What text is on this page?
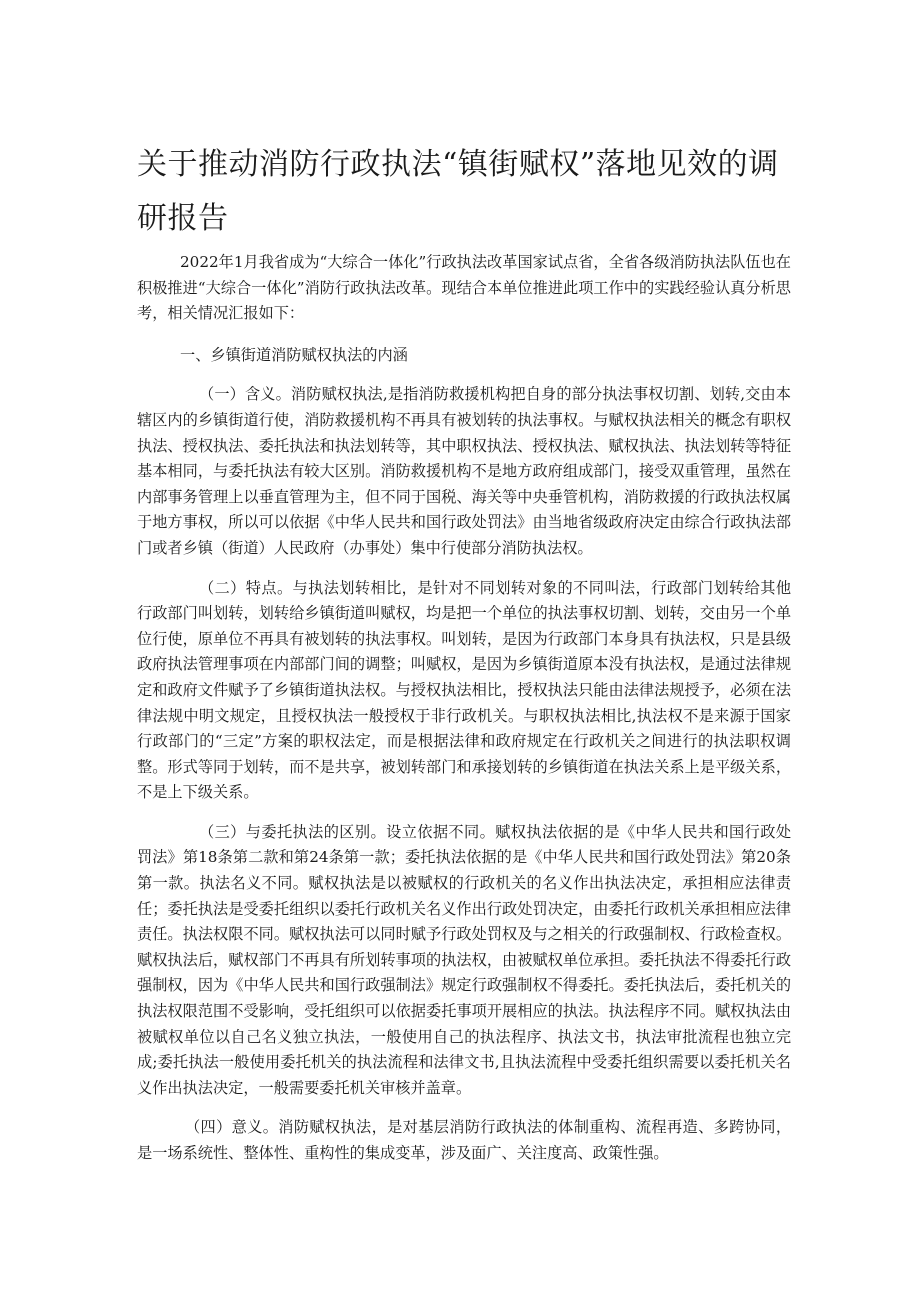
关于推动消防行政执法“镇街赋权”落地见效的调研报告

2022年1月我省成为“大综合一体化”行政执法改革国家试点省，全省各级消防执法队伍也在积极推进“大综合一体化”消防行政执法改革。现结合本单位推进此项工作中的实践经验认真分析思考，相关情况汇报如下：

一、乡镇街道消防赋权执法的内涵

（一）含义。消防赋权执法,是指消防救援机构把自身的部分执法事权切割、划转,交由本辖区内的乡镇街道行使，消防救援机构不再具有被划转的执法事权。与赋权执法相关的概念有职权执法、授权执法、委托执法和执法划转等，其中职权执法、授权执法、赋权执法、执法划转等特征基本相同，与委托执法有较大区别。消防救援机构不是地方政府组成部门，接受双重管理，虽然在内部事务管理上以垂直管理为主，但不同于国税、海关等中央垂管机构，消防救援的行政执法权属于地方事权，所以可以依据《中华人民共和国行政处罚法》由当地省级政府决定由综合行政执法部门或者乡镇（街道）人民政府（办事处）集中行使部分消防执法权。

（二）特点。与执法划转相比，是针对不同划转对象的不同叫法，行政部门划转给其他行政部门叫划转，划转给乡镇街道叫赋权，均是把一个单位的执法事权切割、划转，交由另一个单位行使，原单位不再具有被划转的执法事权。叫划转，是因为行政部门本身具有执法权，只是县级政府执法管理事项在内部部门间的调整；叫赋权，是因为乡镇街道原本没有执法权，是通过法律规定和政府文件赋予了乡镇街道执法权。与授权执法相比，授权执法只能由法律法规授予，必须在法律法规中明文规定，且授权执法一般授权于非行政机关。与职权执法相比,执法权不是来源于国家行政部门的“三定”方案的职权法定，而是根据法律和政府规定在行政机关之间进行的执法职权调整。形式等同于划转，而不是共享，被划转部门和承接划转的乡镇街道在执法关系上是平级关系，不是上下级关系。

（三）与委托执法的区别。设立依据不同。赋权执法依据的是《中华人民共和国行政处罚法》第18条第二款和第24条第一款；委托执法依据的是《中华人民共和国行政处罚法》第20条第一款。执法名义不同。赋权执法是以被赋权的行政机关的名义作出执法决定，承担相应法律责任；委托执法是受委托组织以委托行政机关名义作出行政处罚决定，由委托行政机关承担相应法律责任。执法权限不同。赋权执法可以同时赋予行政处罚权及与之相关的行政强制权、行政检查权。赋权执法后，赋权部门不再具有所划转事项的执法权，由被赋权单位承担。委托执法不得委托行政强制权，因为《中华人民共和国行政强制法》规定行政强制权不得委托。委托执法后，委托机关的执法权限范围不受影响，受托组织可以依据委托事项开展相应的执法。执法程序不同。赋权执法由被赋权单位以自己名义独立执法，一般使用自己的执法程序、执法文书，执法审批流程也独立完成;委托执法一般使用委托机关的执法流程和法律文书,且执法流程中受委托组织需要以委托机关名义作出执法决定，一般需要委托机关审核并盖章。

（四）意义。消防赋权执法，是对基层消防行政执法的体制重构、流程再造、多跨协同，是一场系统性、整体性、重构性的集成变革，涉及面广、关注度高、政策性强。
